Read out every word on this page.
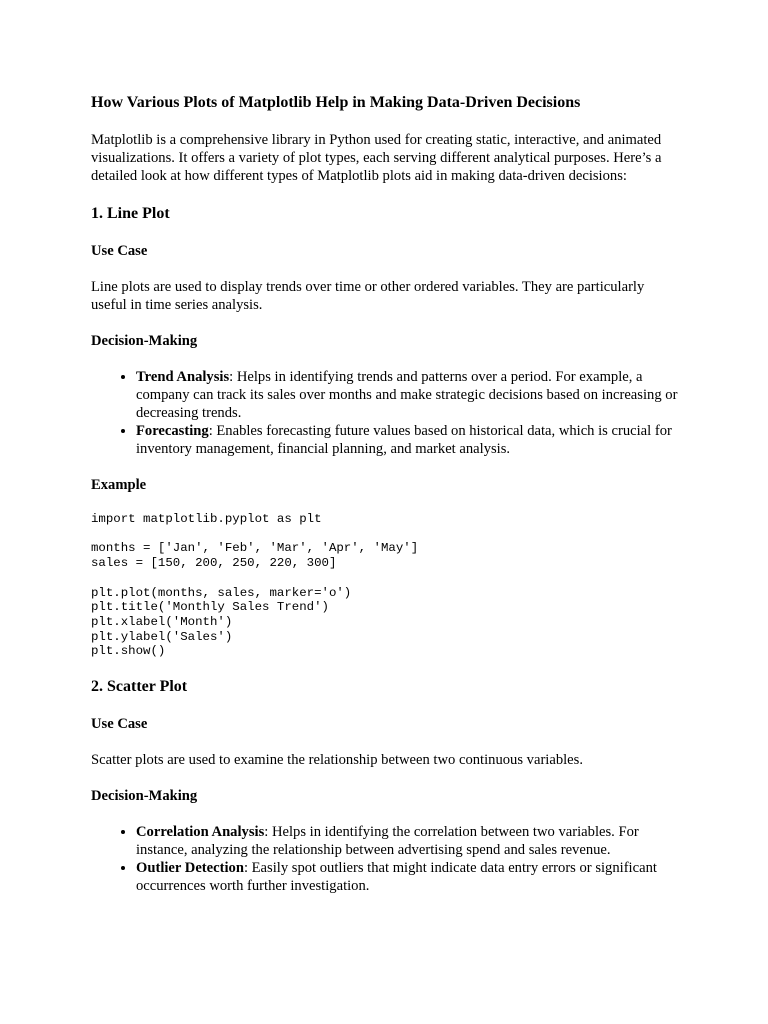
How Various Plots of Matplotlib Help in Making Data-Driven Decisions

Matplotlib is a comprehensive library in Python used for creating static, interactive, and animated visualizations. It offers a variety of plot types, each serving different analytical purposes. Here’s a detailed look at how different types of Matplotlib plots aid in making data-driven decisions:

1. Line Plot
Use Case

Line plots are used to display trends over time or other ordered variables. They are particularly useful in time series analysis.

Decision-Making
• Trend Analysis: Helps in identifying trends and patterns over a period. For example, a company can track its sales over months and make strategic decisions based on increasing or decreasing trends.
• Forecasting: Enables forecasting future values based on historical data, which is crucial for inventory management, financial planning, and market analysis.
Example
import matplotlib.pyplot as plt

months = ['Jan', 'Feb', 'Mar', 'Apr', 'May']
sales = [150, 200, 250, 220, 300]

plt.plot(months, sales, marker='o')
plt.title('Monthly Sales Trend')
plt.xlabel('Month')
plt.ylabel('Sales')
plt.show()
2. Scatter Plot
Use Case

Scatter plots are used to examine the relationship between two continuous variables.

Decision-Making
• Correlation Analysis: Helps in identifying the correlation between two variables. For instance, analyzing the relationship between advertising spend and sales revenue.
• Outlier Detection: Easily spot outliers that might indicate data entry errors or significant occurrences worth further investigation.
